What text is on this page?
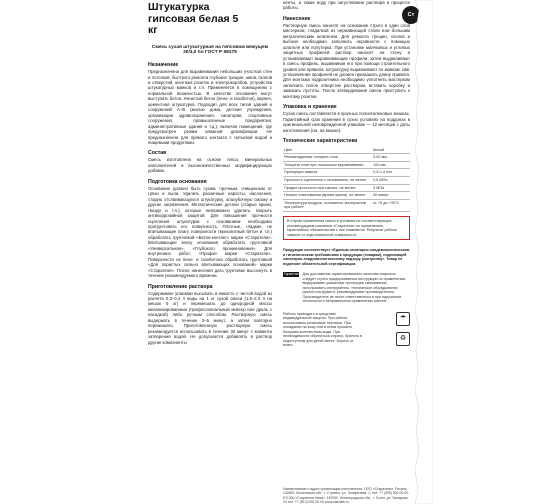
Штукатурка гипсовая белая 5 кг
Ст
Смесь сухая штукатурная на гипсовом вяжущем 30/3,0 по ГОСТ Р 58279
Назначение

Предназначена для выравнивания небольших участков стен и потолков, быстрого ремонта глубоких трещин, швов, сколов и отверстий, монтажа розеток и электрокоробов, устройства штукатурных маяков и т.п. Применяется в помещениях с нормальной влажностью. В качестве основания могут выступать бетон, ячеистый бетон (пено- и газобетон), кирпич, цементная штукатурка. Подходит для всех типов зданий и сооружений А–В (жилые дома, детские учреждения, организации здравоохранения, санатории, спортивные сооружения, промышленные предприятия, административные здания и т.д.), включая помещения, где предусмотрен режим влажной дезинфекции. Не предназначена для прямого контакта с питьевой водой и пищевыми продуктами.

Состав

Смесь изготовлена на основе гипса, минеральных наполнителей и высококачественных модифицирующих добавок.

Подготовка основания

Основание должно быть сухим, прочным, очищенным от грязи и пыли. Удалить различные наросты, наслоения, старую отслаивающуюся штукатурку, опалубочную смазку и другие загрязнения. Металлические детали (старые крюки, гвозди и т.п.), которые невозможно удалить, покрыть антикоррозийной защитой. Для повышения прочности сцепления штукатурки с основанием необходимо прогрунтовать его поверхность. Плотные, гладкие, не впитывающие влагу поверхности (монолитный бетон и т.п.) обработать грунтовкой «Бетон-контакт» марки «Старатели». Впитывающие влагу основания обработать грунтовкой «Универсальная», «Глубокого проникновения». Для внутренних работ, «Профи» марки «Старатели». Поверхности из пено- и газобетона обработать грунтовкой «Для пористых сильно впитывающих оснований» марки «Старатели». После нанесения дать грунтовке высохнуть в течение рекомендуемого времени.

Приготовление раствора

Содержимое упаковки высыпать в емкость с чистой водой из расчета 0,3–0,4 л воды на 1 кг сухой смеси (1,5–2,0 л на мешок 5 кг) и перемешать до однородной массы механизированным (профессиональный миксер или дрель с насадкой) либо ручным способом. Растворную смесь выдержать в течение 3–5 минут, а затем повторно перемешать. Приготовленную растворную смесь рекомендуется использовать в течение 30 минут с момента затворения водой. Не допускается добавлять в раствор другие компоненты

ненты, а также воду при загустевании раствора в процессе работы.

Нанесение

Растворную смесь наносят на основание строго в один слой мастерком, гладилкой из нержавеющей стали или большим металлическим шпателем. Для ремонта трещин, сколов и выбоин необходимо заполнить неровности с помощью шпателя или полутерка. При установке маячковых и угловых защитных профилей раствор наносят на стену и устанавливают выравнивающие профили, затем выдавливают в смесь профиль, выравнивая его при помощи строительного уровня или правила. Штукатурку выравнивают по маякам. Шаг установления профилей не должен превышать длину правила. Для монтажа подрозетника необходимо уплотнить мастерком заполнить полое отверстие раствором, вставить коробку и замазать пустоты. После затвердевания смеси приступить к монтажу розетки.

Упаковка и хранение

Сухая смесь поставляется в прочных полиэтиленовых мешках. Гарантийный срок хранения в сухих условиях на поддонах в оригинальной неповрежденной упаковке — 12 месяцев с даты изготовления (см. на мешке).

Технические характеристики
Цвет	белый
Рекомендуемая толщина слоя	5-50 мм
Толщина слоя при локальном выравнивании	100 мм
Пропорции замеса	0,3-0,4 л/кг
Прочность сцепления с основанием, не менее	0,5 МПа
Предел прочности при сжатии, не менее	3 МПа
Начало схватывания (время жизни), не менее	30 минут
Температура воздуха, основания, материалов при работе	от +5 до +30°С
В случае применения смеси в условиях не соответствующих рекомендациям компании «Старатели» по применению, гарантийные обязательства с нее снимаются. Результат работы зависит от подготовленной поверхности.
Продукция соответствует «Единым санитарно-эпидемиологическим и гигиеническим требованиям к продукции (товарам), подлежащей санитарно-эпидемиологическому надзору (контролю)». Товар не подлежит обязательной сертификации.
Гарантия Для достижения гарантированного качества покрытия следует строго придерживаться инструкции по применению, выдерживать указанные пропорции смешивания, использовать инструменты, техническое оборудование, ручной инструмент, рекомендуемые производителем. Производитель не несет ответственности при нарушении технологии и неправильном применении смесей.
Работы проводить в средствах индивидуальной защиты. При работе использовать резиновые перчатки. При попадании на кожу или в глаза промыть большим количеством воды. При необходимости обратиться к врачу. Хранить в недоступном для детей месте. Беречь от влаги.
☂
♻
Наименование и адрес организации-изготовителя: ООО «Старатели», Россия, 142800, Московская обл., г. Ступино, ул. Тимирязева, 1, тел. +7 (495) 000-00-00. ЕЭ 000 «Старатели-Нева», 187000, Ленинградская обл., г. Тосно, ул. Западная, 19 тел. +7 (812) 000-00-00 www.starateli.ru
